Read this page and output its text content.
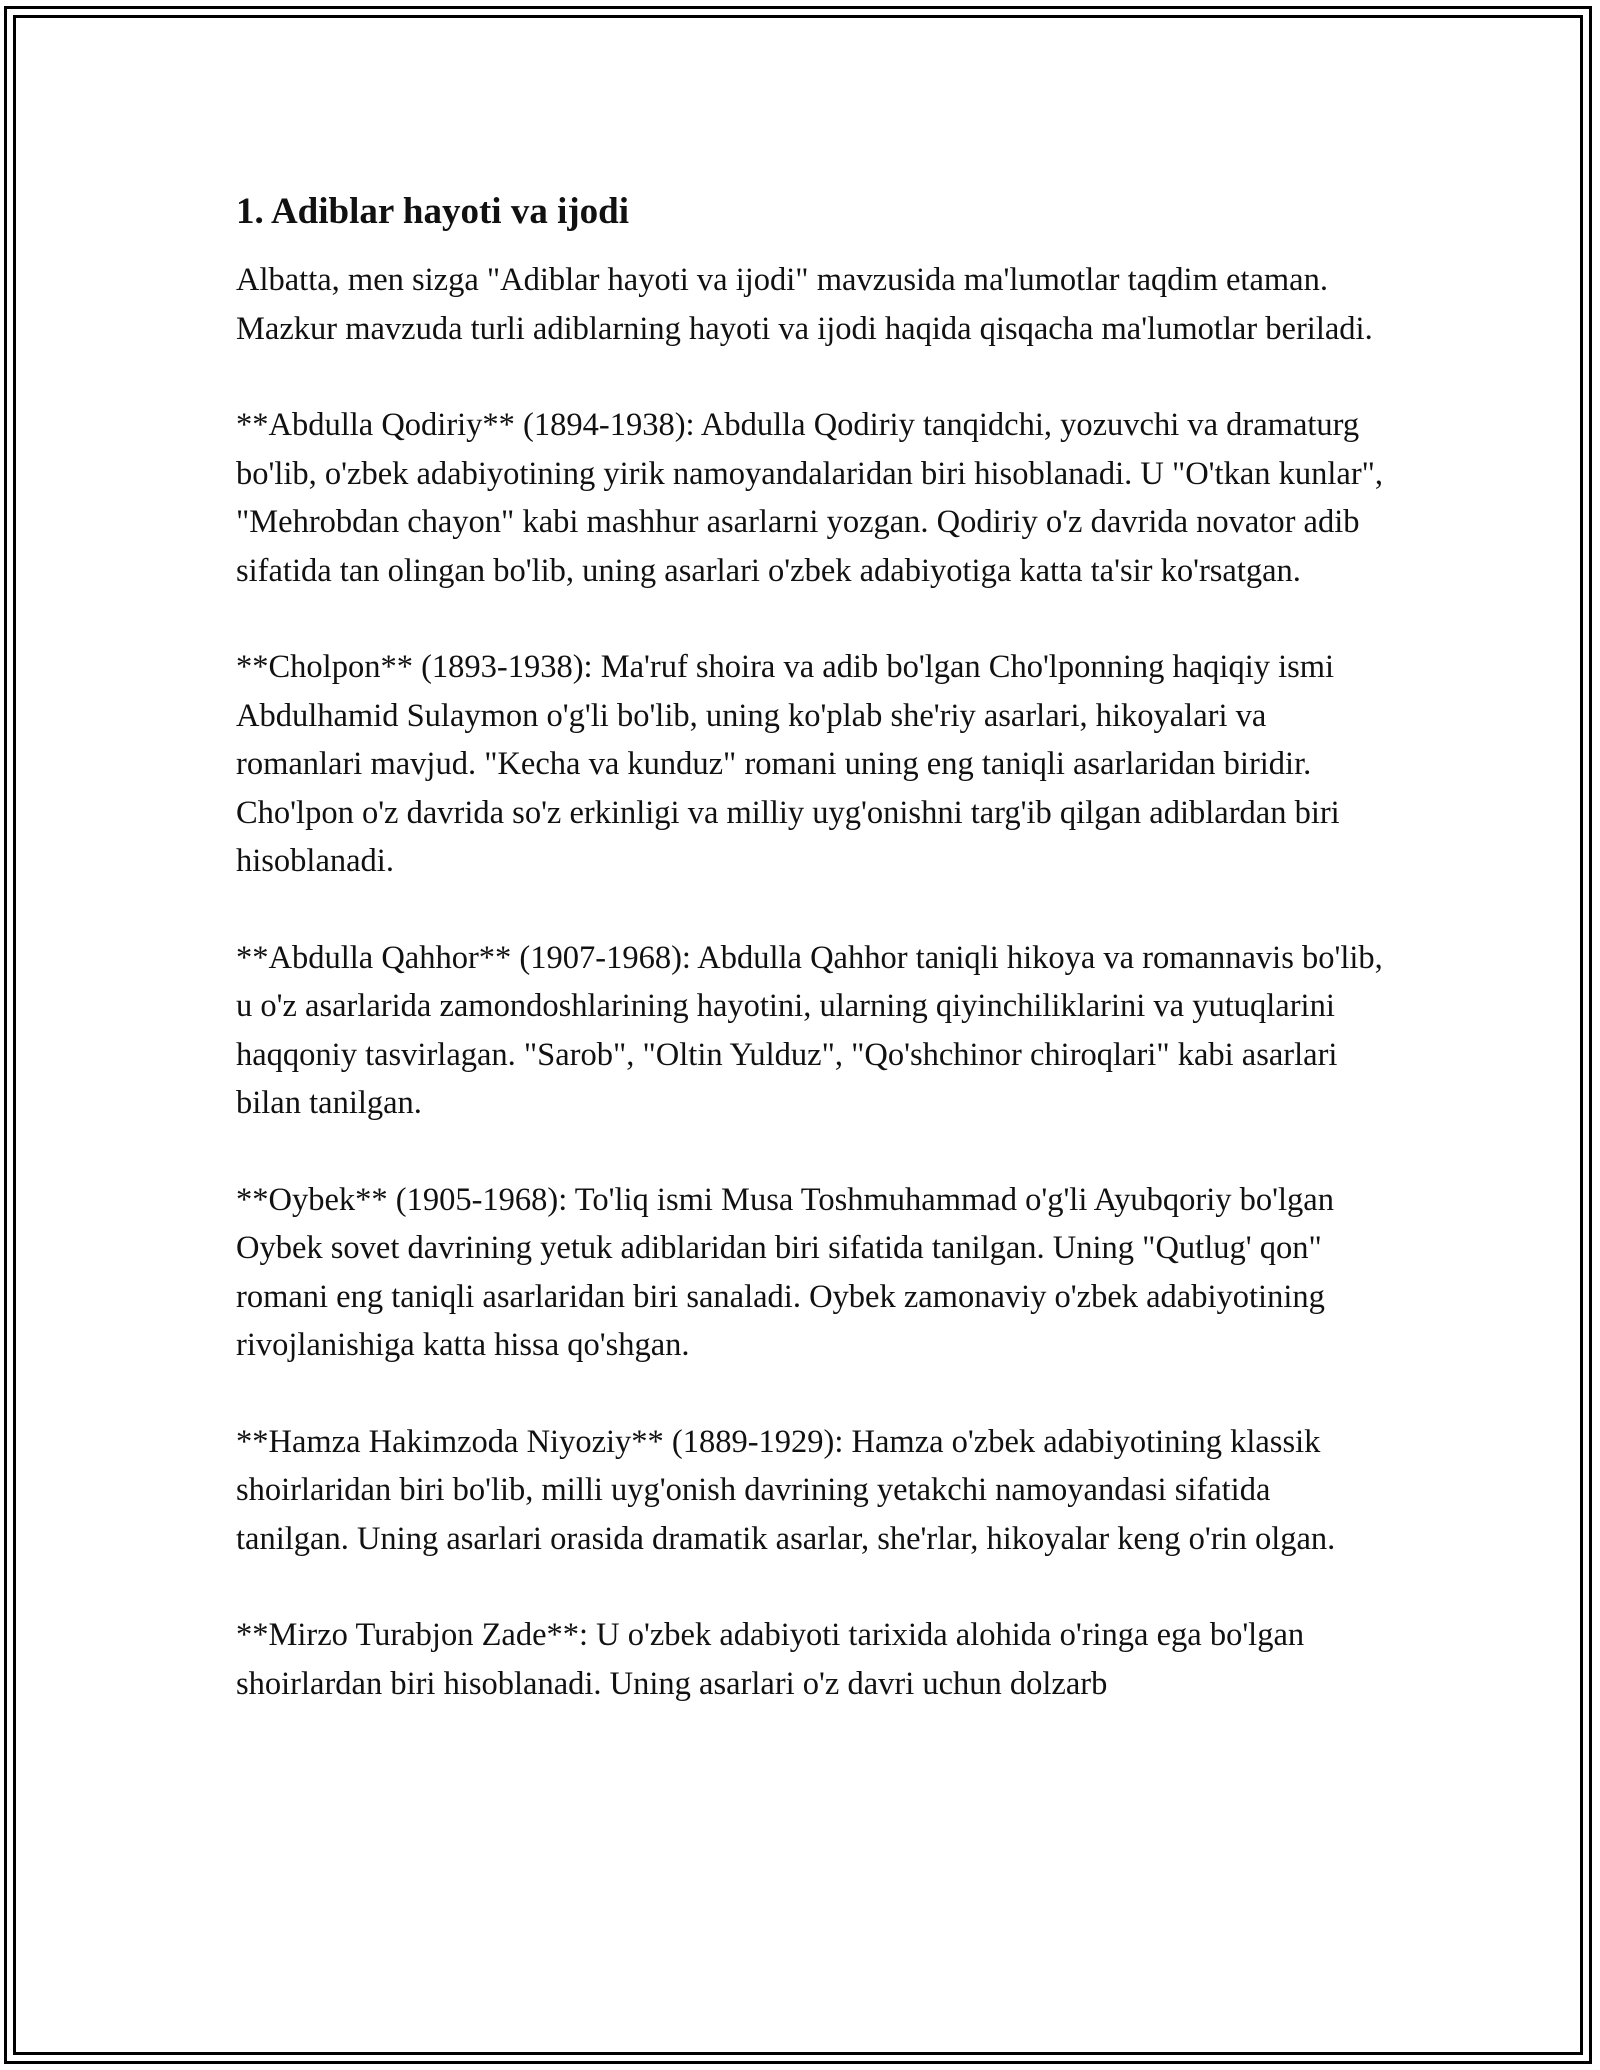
1. Adiblar hayoti va ijodi

Albatta, men sizga "Adiblar hayoti va ijodi" mavzusida ma'lumotlar taqdim etaman. Mazkur mavzuda turli adiblarning hayoti va ijodi haqida qisqacha ma'lumotlar beriladi.

**Abdulla Qodiriy** (1894-1938): Abdulla Qodiriy tanqidchi, yozuvchi va dramaturg bo'lib, o'zbek adabiyotining yirik namoyandalaridan biri hisoblanadi. U "O'tkan kunlar", "Mehrobdan chayon" kabi mashhur asarlarni yozgan. Qodiriy o'z davrida novator adib sifatida tan olingan bo'lib, uning asarlari o'zbek adabiyotiga katta ta'sir ko'rsatgan.

**Cholpon** (1893-1938): Ma'ruf shoira va adib bo'lgan Cho'lponning haqiqiy ismi Abdulhamid Sulaymon o'g'li bo'lib, uning ko'plab she'riy asarlari, hikoyalari va romanlari mavjud. "Kecha va kunduz" romani uning eng taniqli asarlaridan biridir. Cho'lpon o'z davrida so'z erkinligi va milliy uyg'onishni targ'ib qilgan adiblardan biri hisoblanadi.

**Abdulla Qahhor** (1907-1968): Abdulla Qahhor taniqli hikoya va romannavis bo'lib, u o'z asarlarida zamondoshlarining hayotini, ularning qiyinchiliklarini va yutuqlarini haqqoniy tasvirlagan. "Sarob", "Oltin Yulduz", "Qo'shchinor chiroqlari" kabi asarlari bilan tanilgan.

**Oybek** (1905-1968): To'liq ismi Musa Toshmuhammad o'g'li Ayubqoriy bo'lgan Oybek sovet davrining yetuk adiblaridan biri sifatida tanilgan. Uning "Qutlug' qon" romani eng taniqli asarlaridan biri sanaladi. Oybek zamonaviy o'zbek adabiyotining rivojlanishiga katta hissa qo'shgan.

**Hamza Hakimzoda Niyoziy** (1889-1929): Hamza o'zbek adabiyotining klassik shoirlaridan biri bo'lib, milli uyg'onish davrining yetakchi namoyandasi sifatida tanilgan. Uning asarlari orasida dramatik asarlar, she'rlar, hikoyalar keng o'rin olgan.

**Mirzo Turabjon Zade**: U o'zbek adabiyoti tarixida alohida o'ringa ega bo'lgan shoirlardan biri hisoblanadi. Uning asarlari o'z davri uchun dolzarb
